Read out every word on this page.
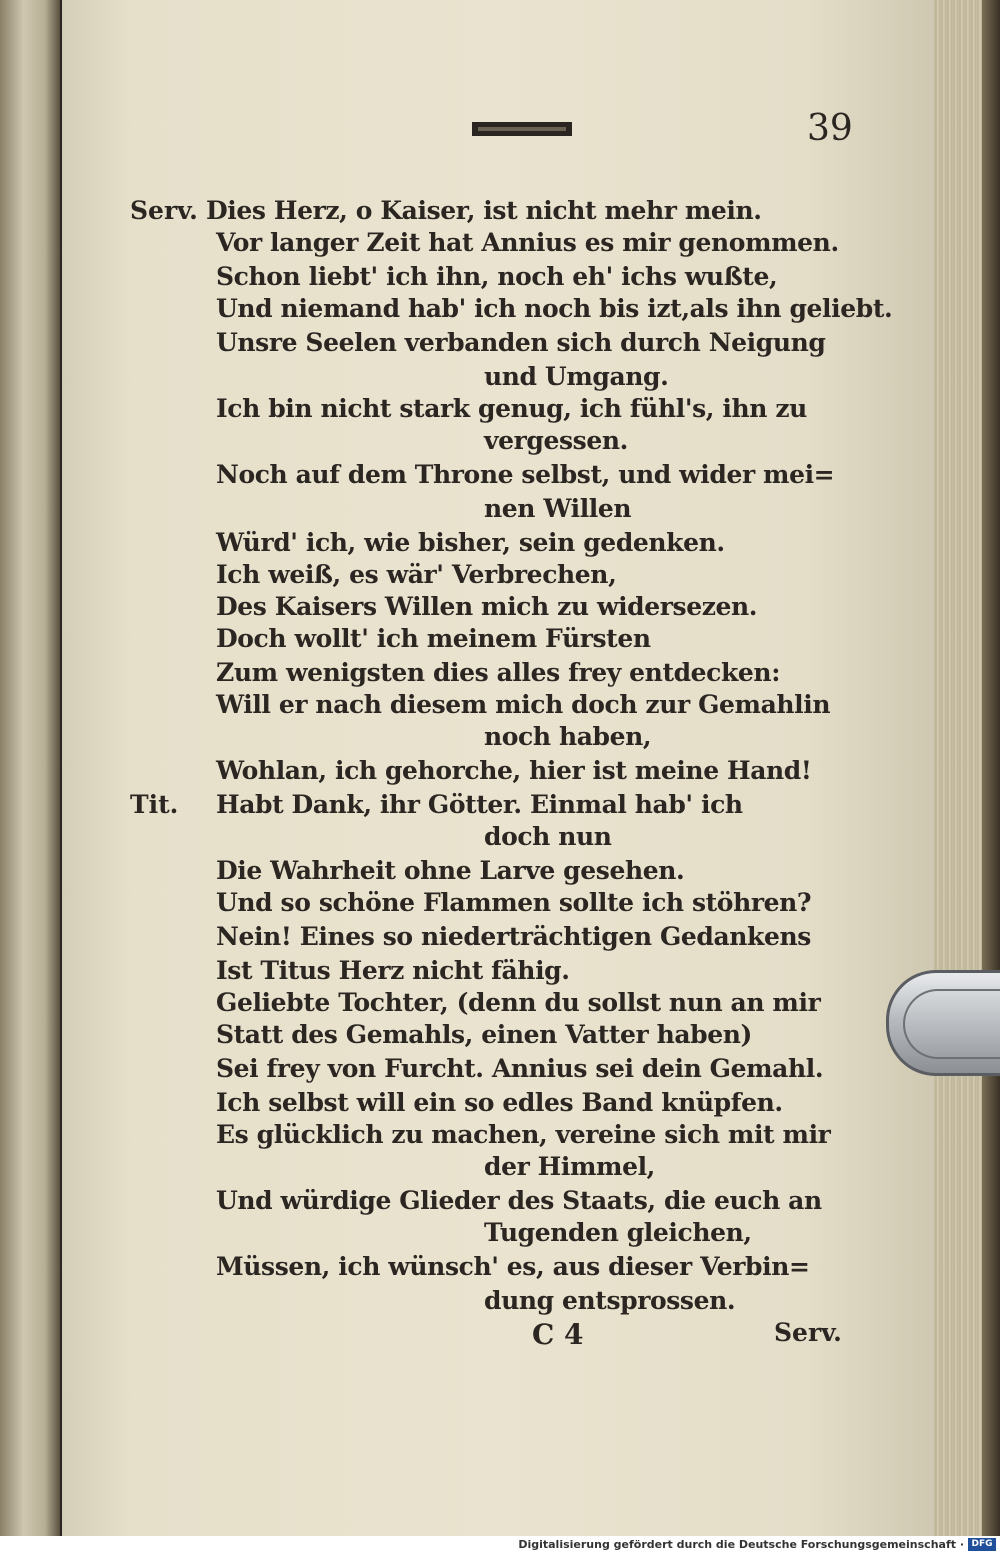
39
Serv.
Tit.
Dies Herz, o Kaiser, ist nicht mehr mein.
Vor langer Zeit hat Annius es mir genommen.
Schon liebt' ich ihn, noch eh' ichs wußte,
Und niemand hab' ich noch bis izt,als ihn geliebt.
Unsre Seelen verbanden sich durch Neigung
und Umgang.
Ich bin nicht stark genug, ich fühl's, ihn zu
vergessen.
Noch auf dem Throne selbst, und wider mei=
nen Willen
Würd' ich, wie bisher, sein gedenken.
Ich weiß, es wär' Verbrechen,
Des Kaisers Willen mich zu widersezen.
Doch wollt' ich meinem Fürsten
Zum wenigsten dies alles frey entdecken:
Will er nach diesem mich doch zur Gemahlin
noch haben,
Wohlan, ich gehorche, hier ist meine Hand!
Habt Dank, ihr Götter. Einmal hab' ich
doch nun
Die Wahrheit ohne Larve gesehen.
Und so schöne Flammen sollte ich stöhren?
Nein! Eines so niederträchtigen Gedankens
Ist Titus Herz nicht fähig.
Geliebte Tochter, (denn du sollst nun an mir
Statt des Gemahls, einen Vatter haben)
Sei frey von Furcht. Annius sei dein Gemahl.
Ich selbst will ein so edles Band knüpfen.
Es glücklich zu machen, vereine sich mit mir
der Himmel,
Und würdige Glieder des Staats, die euch an
Tugenden gleichen,
Müssen, ich wünsch' es, aus dieser Verbin=
dung entsprossen.
C 4	Serv.
Digitalisierung gefördert durch die Deutsche Forschungsgemeinschaft · DFG
